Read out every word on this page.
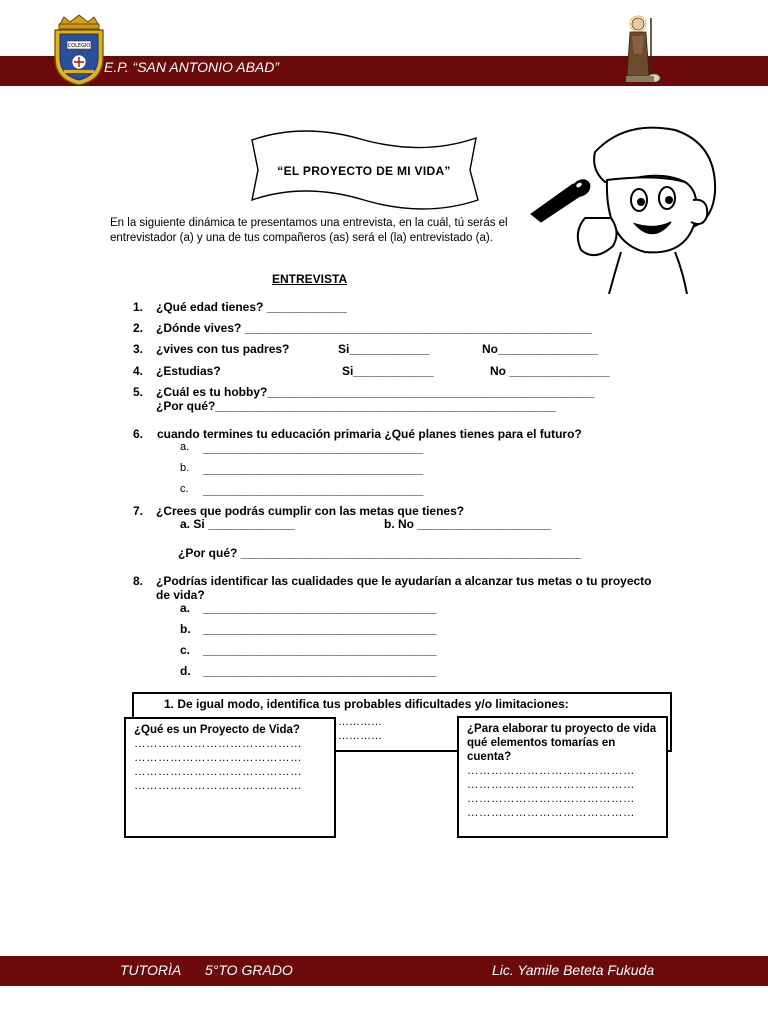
E.P. “SAN ANTONIO ABAD”
COLEGIO
“EL PROYECTO DE MI VIDA”
En la siguiente dinámica te presentamos una entrevista, en la cuál, tú serás el entrevistador (a) y una de tus compañeros (as) será el (la) entrevistado (a).
ENTREVISTA
1. ¿Qué edad tienes? ____________
2. ¿Dónde vives? ____________________________________________________
3. ¿vives con tus padres?	Si____________	No_______________
4. ¿Estudias?	Si____________	No _______________
5. ¿Cuál es tu hobby?_________________________________________________
¿Por qué?___________________________________________________
6. cuando termines tu educación primaria ¿Qué planes tienes para el futuro?
a. _________________________________
b. _________________________________
c. _________________________________
7. ¿Crees que podrás cumplir con las metas que tienes?
a. Si _____________	b. No ____________________
¿Por qué? ___________________________________________________
8. ¿Podrías identificar las cualidades que le ayudarían a alcanzar tus metas o tu proyecto de vida?
a. ___________________________________
b. ___________________________________
c. ___________________________________
d. ___________________________________
1. De igual modo, identifica tus probables dificultades y/o limitaciones:
…………
…………
¿Qué es un Proyecto de Vida?
……………………………………
……………………………………
……………………………………
……………………………………
¿Para elaborar tu proyecto de vida qué elementos tomarías en cuenta?
……………………………………
……………………………………
……………………………………
……………………………………
TUTORÌA 5°TO GRADO	Lic. Yamile Beteta Fukuda
